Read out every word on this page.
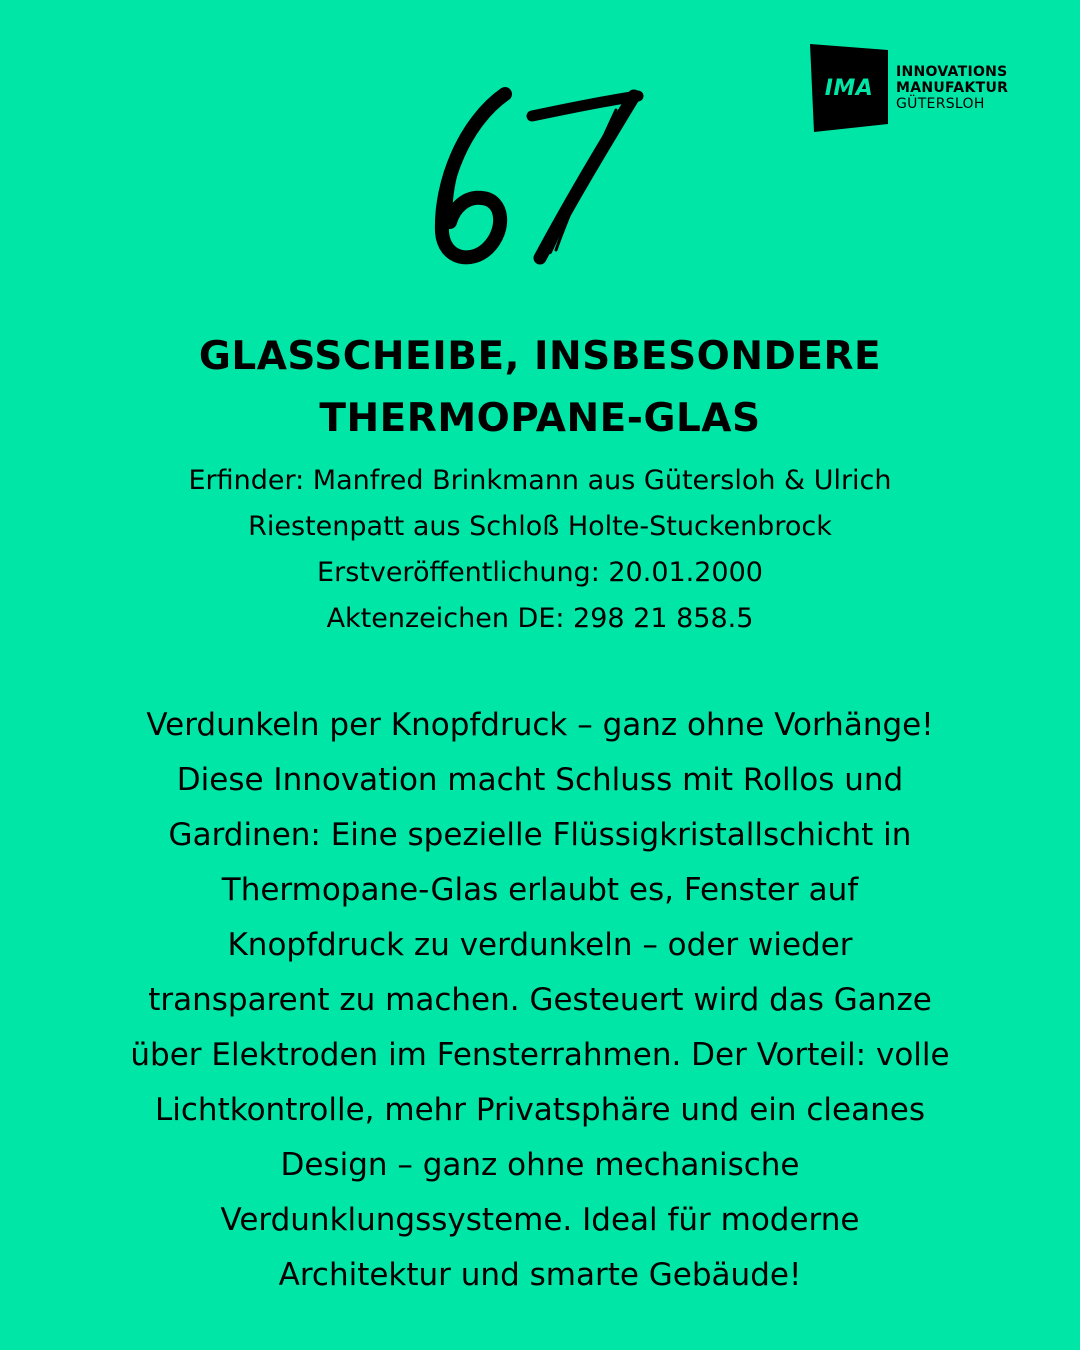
IMA
INNOVATIONS
MANUFAKTUR
GÜTERSLOH
GLASSCHEIBE, INSBESONDERE
THERMOPANE-GLAS
Erfinder: Manfred Brinkmann aus Gütersloh & Ulrich
Riestenpatt aus Schloß Holte-Stuckenbrock
Erstveröffentlichung: 20.01.2000
Aktenzeichen DE: 298 21 858.5
Verdunkeln per Knopfdruck – ganz ohne Vorhänge!
Diese Innovation macht Schluss mit Rollos und
Gardinen: Eine spezielle Flüssigkristallschicht in
Thermopane-Glas erlaubt es, Fenster auf
Knopfdruck zu verdunkeln – oder wieder
transparent zu machen. Gesteuert wird das Ganze
über Elektroden im Fensterrahmen. Der Vorteil: volle
Lichtkontrolle, mehr Privatsphäre und ein cleanes
Design – ganz ohne mechanische
Verdunklungssysteme. Ideal für moderne
Architektur und smarte Gebäude!
